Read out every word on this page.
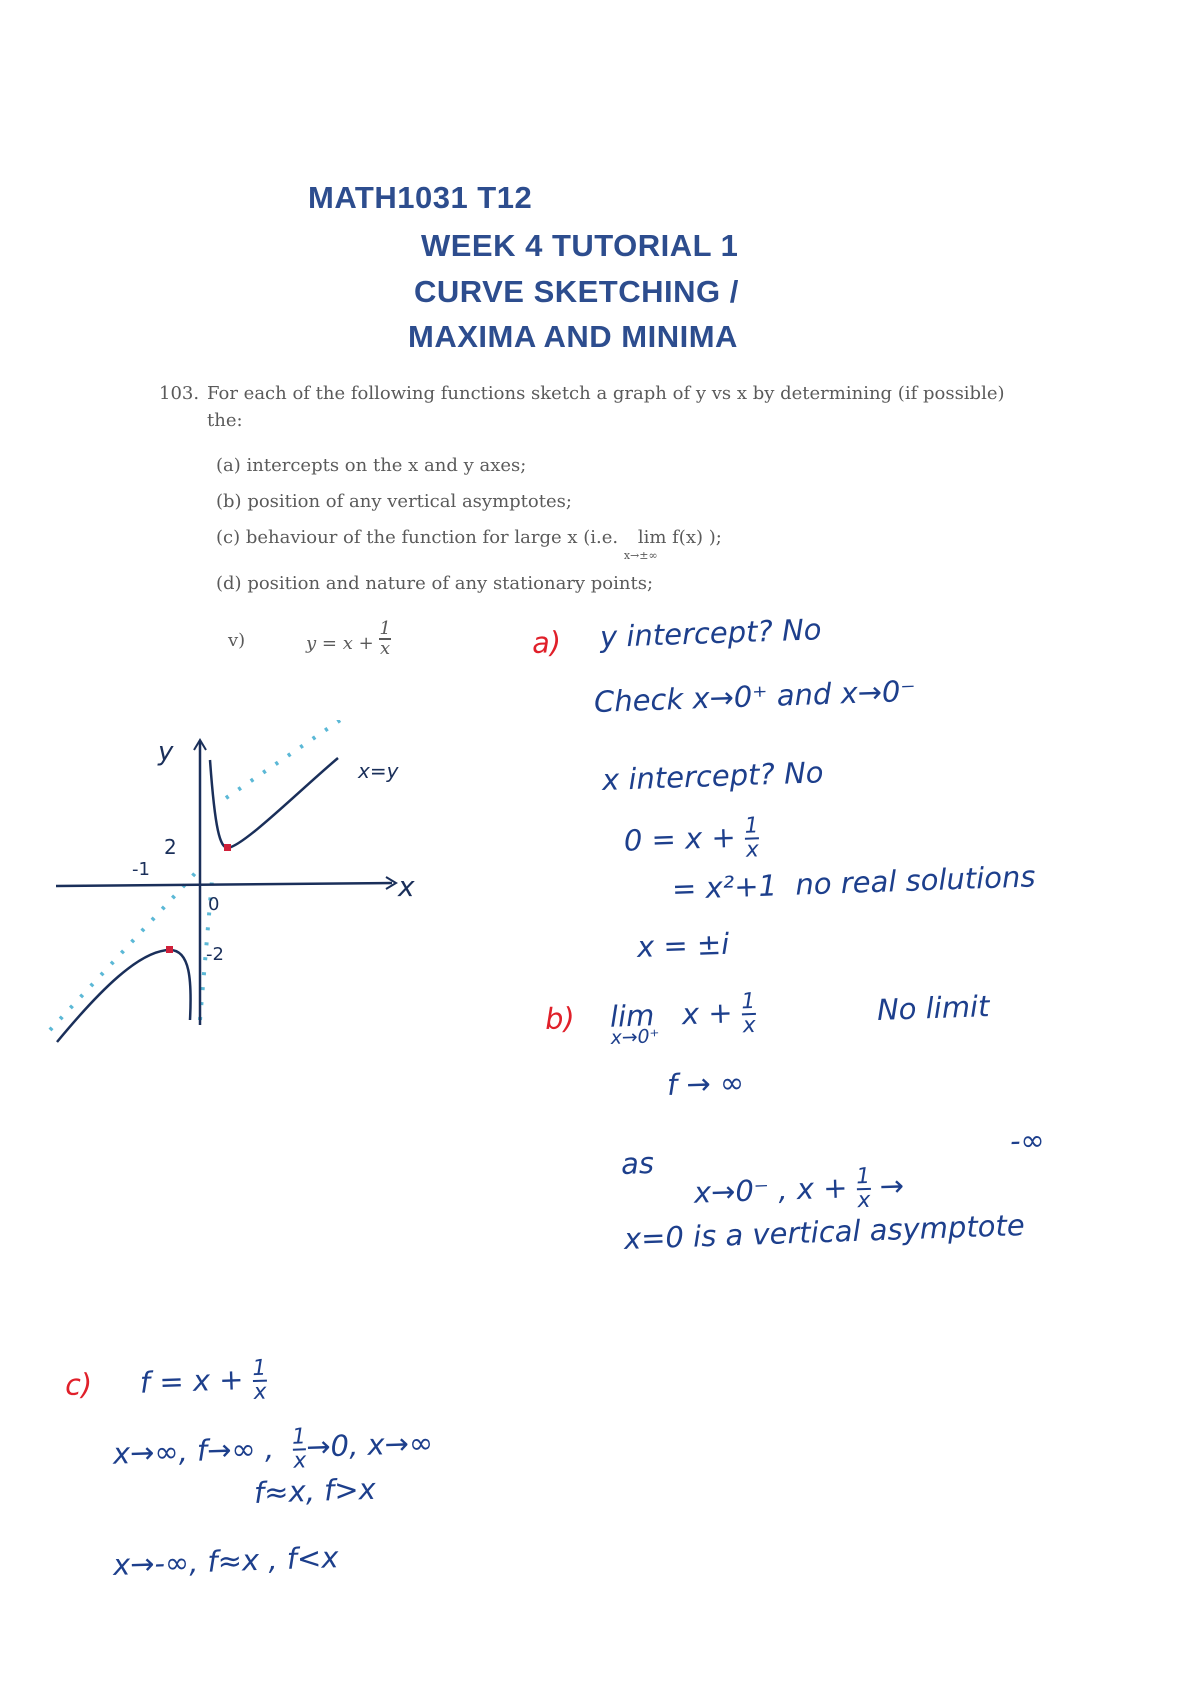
MATH1031 T12
WEEK 4 TUTORIAL 1
CURVE SKETCHING /
MAXIMA AND MINIMA
103. For each of the following functions sketch a graph of y vs x by determining (if possible)
the:
(a) intercepts on the x and y axes;
(b) position of any vertical asymptotes;
(c) behaviour of the function for large x (i.e. lim f(x) );
x→±∞
(d) position and nature of any stationary points;
v)	$y = x + \frac{1}{x}$
y
x
x=y
2
-2
-1
0
a) y intercept? No
Check x→0⁺ and x→0⁻
x intercept? No
$0 = x + \frac{1}{x}$
= x²+1 no real solutions
x = ±i
b) lim
x→0⁺
$x + \frac{1}{x}$	No limit
f → ∞
as
-∞
x→0⁻ , $x + \frac{1}{x}$ →
x=0 is a vertical asymptote
c) $f = x + \frac{1}{x}$
x→∞, f→∞ , $\frac{1}{x}$
→0, x→∞
f≈x, f>x
x→-∞, f≈x , f<x
